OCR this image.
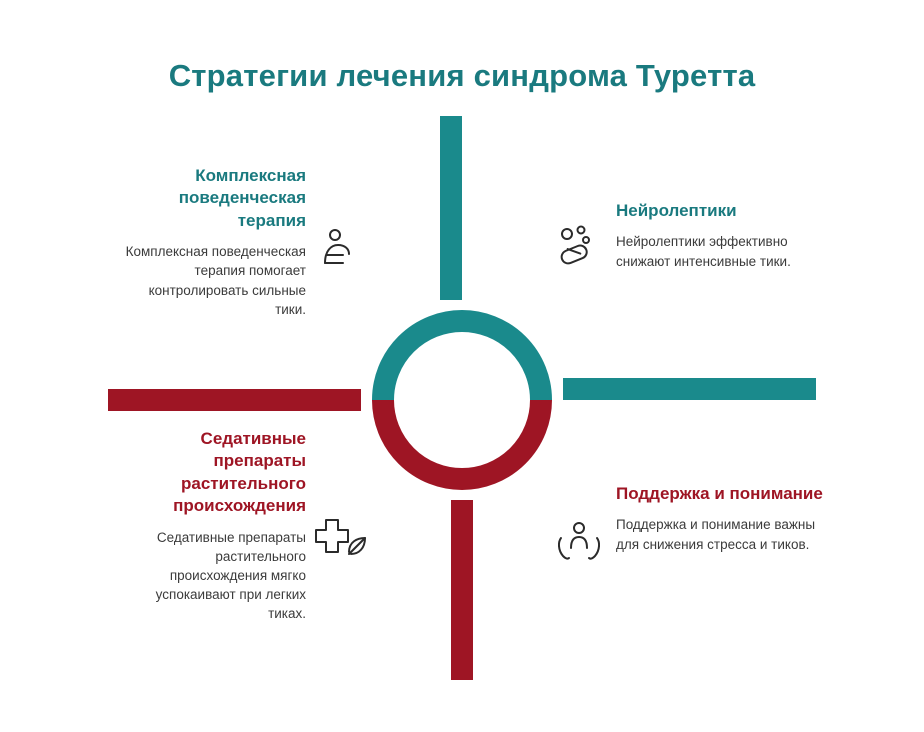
Стратегии лечения синдрома Туретта

Комплексная поведенческая терапия

Комплексная поведенческая терапия помогает контролировать сильные тики.

Нейролептики

Нейролептики эффективно снижают интенсивные тики.

Седативные препараты растительного происхождения

Седативные препараты растительного происхождения мягко успокаивают при легких тиках.

Поддержка и понимание

Поддержка и понимание важны для снижения стресса и тиков.
